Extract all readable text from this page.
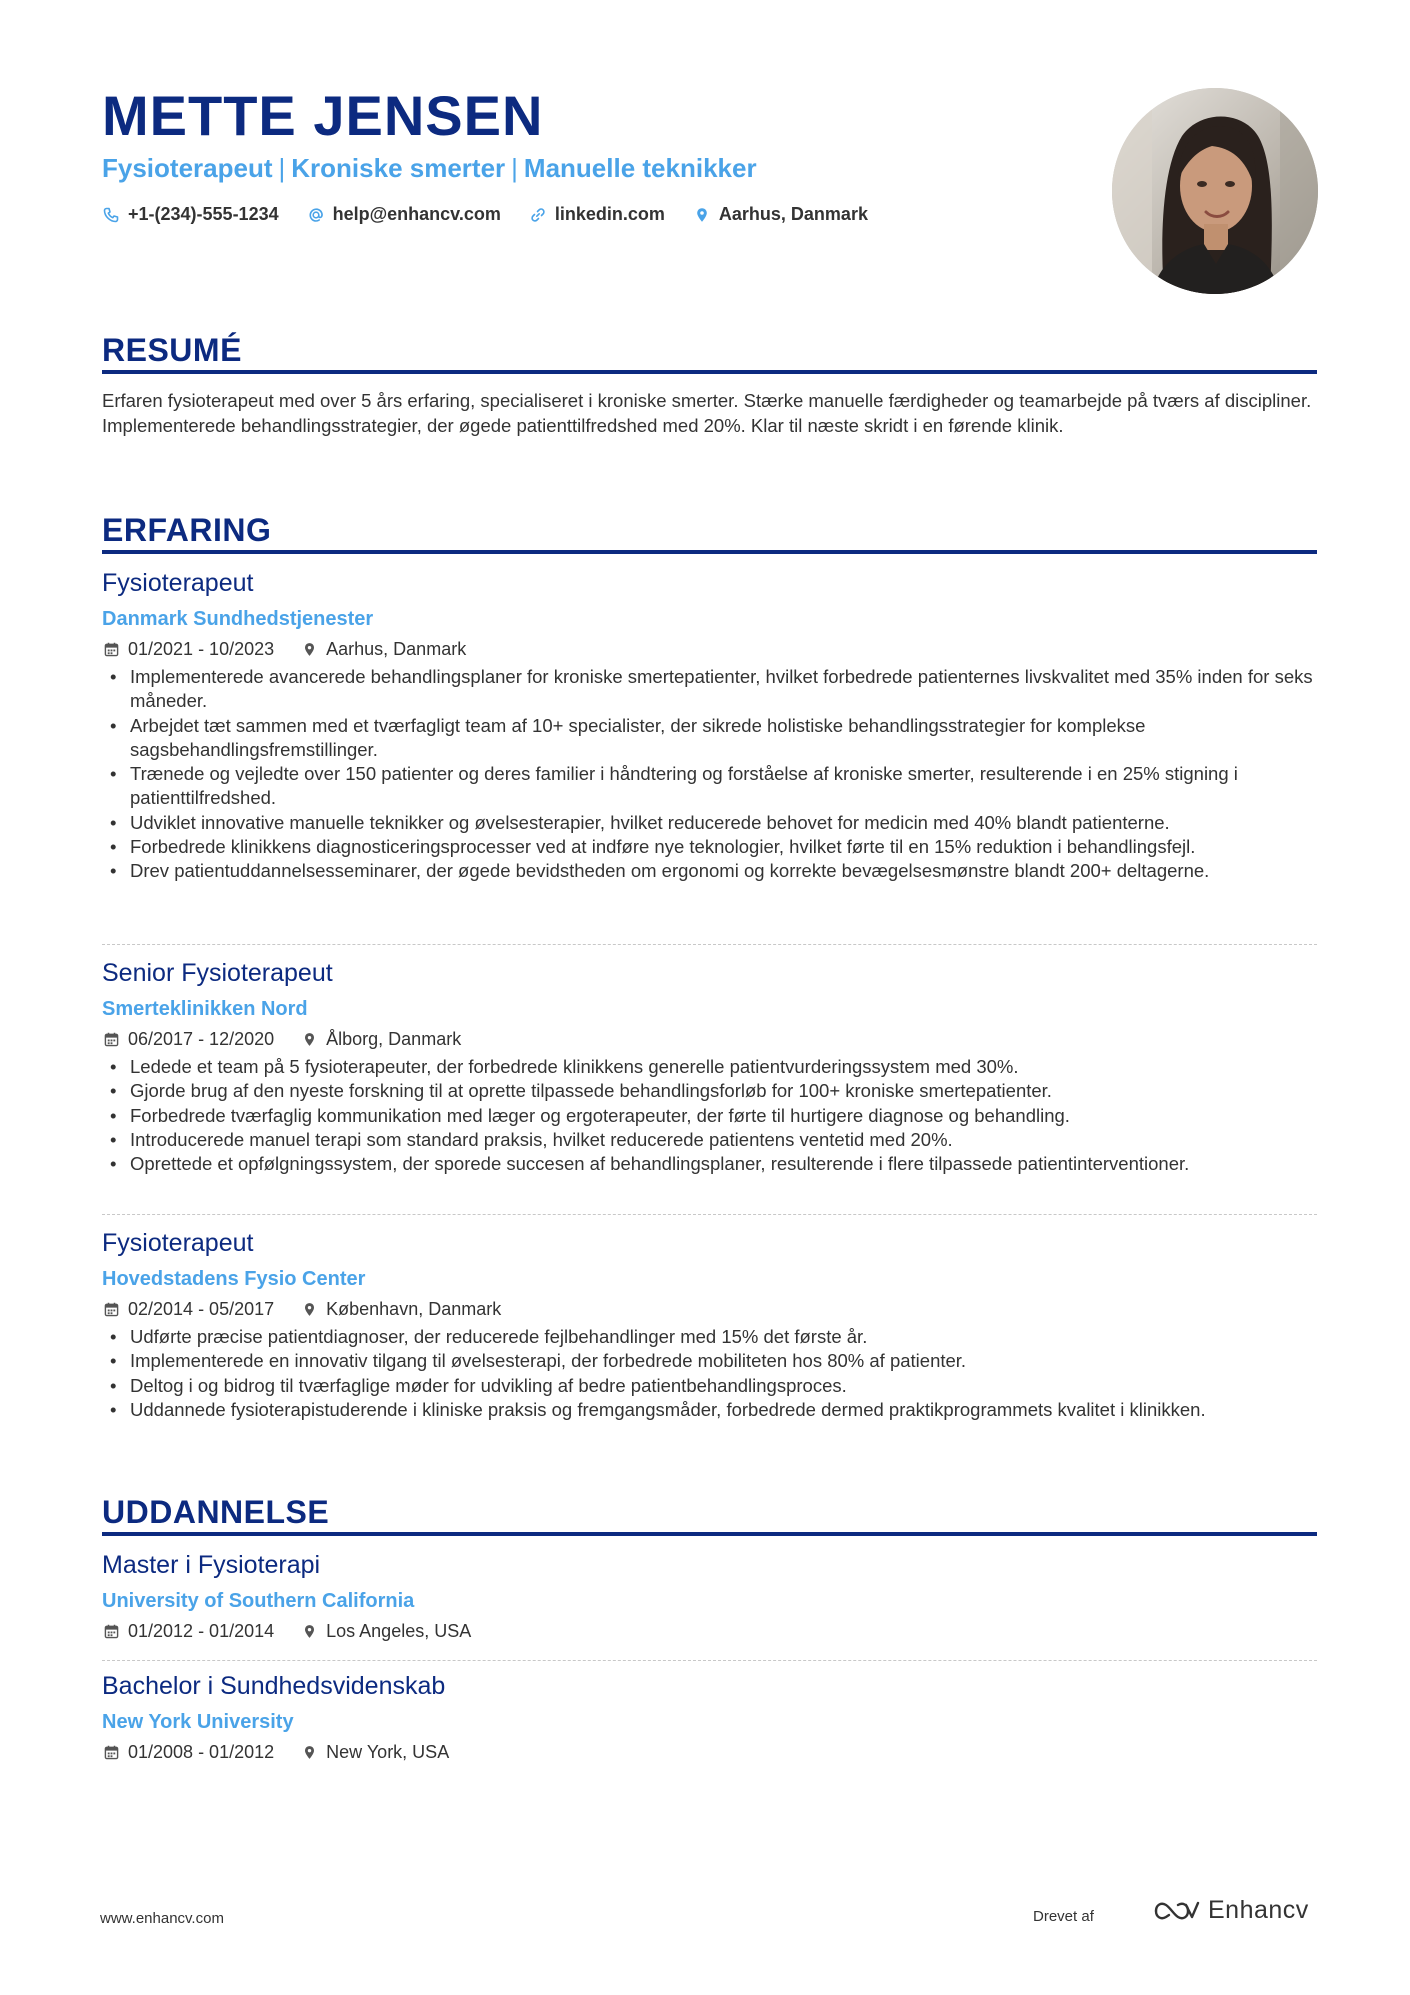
METTE JENSEN
Fysioterapeut | Kroniske smerter | Manuelle teknikker
+1-(234)-555-1234	help@enhancv.com	linkedin.com	Aarhus, Danmark
RESUMÉ
Erfaren fysioterapeut med over 5 års erfaring, specialiseret i kroniske smerter. Stærke manuelle færdigheder og teamarbejde på tværs af discipliner. Implementerede behandlingsstrategier, der øgede patienttilfredshed med 20%. Klar til næste skridt i en førende klinik.
ERFARING
Fysioterapeut
Danmark Sundhedstjenester
01/2021 - 10/2023	Aarhus, Danmark
• Implementerede avancerede behandlingsplaner for kroniske smertepatienter, hvilket forbedrede patienternes livskvalitet med 35% inden for seks måneder.
• Arbejdet tæt sammen med et tværfagligt team af 10+ specialister, der sikrede holistiske behandlingsstrategier for komplekse sagsbehandlingsfremstillinger.
• Trænede og vejledte over 150 patienter og deres familier i håndtering og forståelse af kroniske smerter, resulterende i en 25% stigning i patienttilfredshed.
• Udviklet innovative manuelle teknikker og øvelsesterapier, hvilket reducerede behovet for medicin med 40% blandt patienterne.
• Forbedrede klinikkens diagnosticeringsprocesser ved at indføre nye teknologier, hvilket førte til en 15% reduktion i behandlingsfejl.
• Drev patientuddannelsesseminarer, der øgede bevidstheden om ergonomi og korrekte bevægelsesmønstre blandt 200+ deltagerne.
Senior Fysioterapeut
Smerteklinikken Nord
06/2017 - 12/2020	Ålborg, Danmark
• Ledede et team på 5 fysioterapeuter, der forbedrede klinikkens generelle patientvurderingssystem med 30%.
• Gjorde brug af den nyeste forskning til at oprette tilpassede behandlingsforløb for 100+ kroniske smertepatienter.
• Forbedrede tværfaglig kommunikation med læger og ergoterapeuter, der førte til hurtigere diagnose og behandling.
• Introducerede manuel terapi som standard praksis, hvilket reducerede patientens ventetid med 20%.
• Oprettede et opfølgningssystem, der sporede succesen af behandlingsplaner, resulterende i flere tilpassede patientinterventioner.
Fysioterapeut
Hovedstadens Fysio Center
02/2014 - 05/2017	København, Danmark
• Udførte præcise patientdiagnoser, der reducerede fejlbehandlinger med 15% det første år.
• Implementerede en innovativ tilgang til øvelsesterapi, der forbedrede mobiliteten hos 80% af patienter.
• Deltog i og bidrog til tværfaglige møder for udvikling af bedre patientbehandlingsproces.
• Uddannede fysioterapistuderende i kliniske praksis og fremgangsmåder, forbedrede dermed praktikprogrammets kvalitet i klinikken.
UDDANNELSE
Master i Fysioterapi
University of Southern California
01/2012 - 01/2014	Los Angeles, USA
Bachelor i Sundhedsvidenskab
New York University
01/2008 - 01/2012	New York, USA
www.enhancv.com	Drevet af	Enhancv
